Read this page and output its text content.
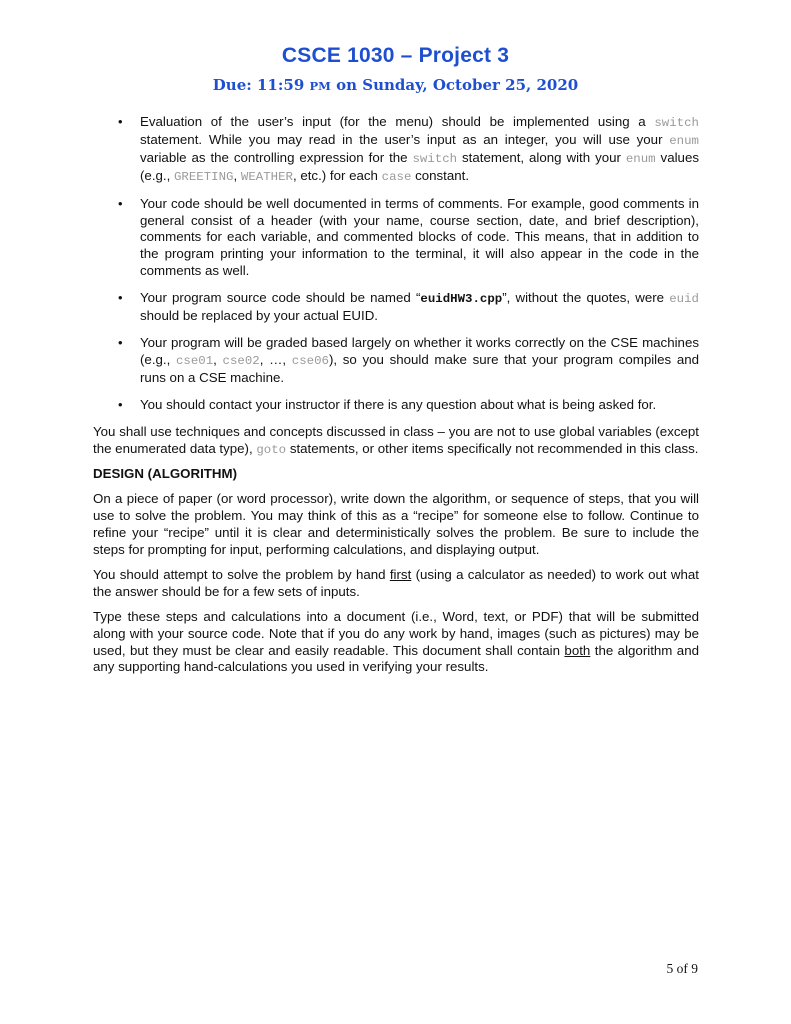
CSCE 1030 – Project 3
Due: 11:59 PM on Sunday, October 25, 2020
• Evaluation of the user’s input (for the menu) should be implemented using a switch statement. While you may read in the user’s input as an integer, you will use your enum variable as the controlling expression for the switch statement, along with your enum values (e.g., GREETING, WEATHER, etc.) for each case constant.
• Your code should be well documented in terms of comments. For example, good comments in general consist of a header (with your name, course section, date, and brief description), comments for each variable, and commented blocks of code. This means, that in addition to the program printing your information to the terminal, it will also appear in the code in the comments as well.
• Your program source code should be named “euidHW3.cpp”, without the quotes, were euid should be replaced by your actual EUID.
• Your program will be graded based largely on whether it works correctly on the CSE machines (e.g., cse01, cse02, …, cse06), so you should make sure that your program compiles and runs on a CSE machine.
• You should contact your instructor if there is any question about what is being asked for.

You shall use techniques and concepts discussed in class – you are not to use global variables (except the enumerated data type), goto statements, or other items specifically not recommended in this class.

DESIGN (ALGORITHM)

On a piece of paper (or word processor), write down the algorithm, or sequence of steps, that you will use to solve the problem. You may think of this as a “recipe” for someone else to follow. Continue to refine your “recipe” until it is clear and deterministically solves the problem. Be sure to include the steps for prompting for input, performing calculations, and displaying output.

You should attempt to solve the problem by hand first (using a calculator as needed) to work out what the answer should be for a few sets of inputs.

Type these steps and calculations into a document (i.e., Word, text, or PDF) that will be submitted along with your source code. Note that if you do any work by hand, images (such as pictures) may be used, but they must be clear and easily readable. This document shall contain both the algorithm and any supporting hand-calculations you used in verifying your results.

5 of 9
